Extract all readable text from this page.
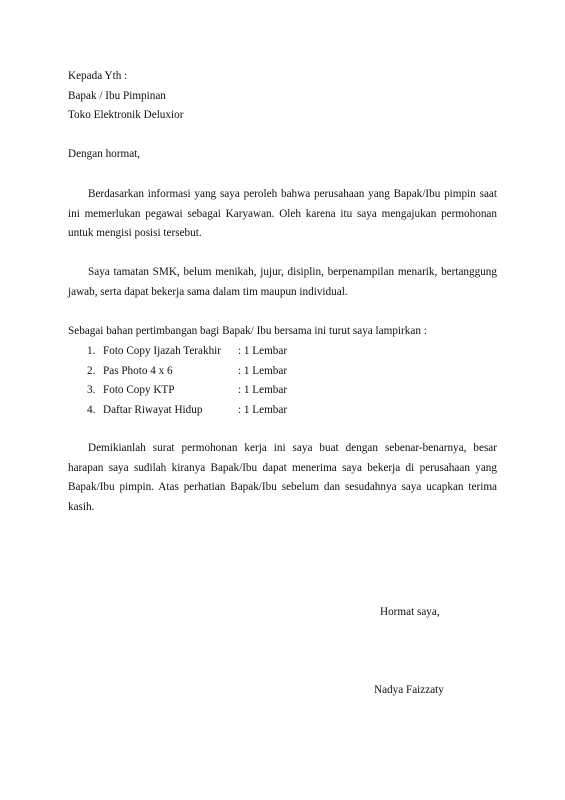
Kepada Yth :
Bapak / Ibu Pimpinan
Toko Elektronik Deluxior
Dengan hormat,
Berdasarkan informasi yang saya peroleh bahwa perusahaan yang Bapak/Ibu pimpin saat ini memerlukan pegawai sebagai Karyawan. Oleh karena itu saya mengajukan permohonan untuk mengisi posisi tersebut.
Saya tamatan SMK, belum menikah, jujur, disiplin, berpenampilan menarik, bertanggung jawab, serta dapat bekerja sama dalam tim maupun individual.
Sebagai bahan pertimbangan bagi Bapak/ Ibu bersama ini turut saya lampirkan :
1. Foto Copy Ijazah Terakhir : 1 Lembar
2. Pas Photo 4 x 6	: 1 Lembar
3. Foto Copy KTP	: 1 Lembar
4. Daftar Riwayat Hidup	: 1 Lembar
Demikianlah surat permohonan kerja ini saya buat dengan sebenar-benarnya, besar harapan saya sudilah kiranya Bapak/Ibu dapat menerima saya bekerja di perusahaan yang Bapak/Ibu pimpin. Atas perhatian Bapak/Ibu sebelum dan sesudahnya saya ucapkan terima kasih.
Hormat saya,
Nadya Faizzaty
